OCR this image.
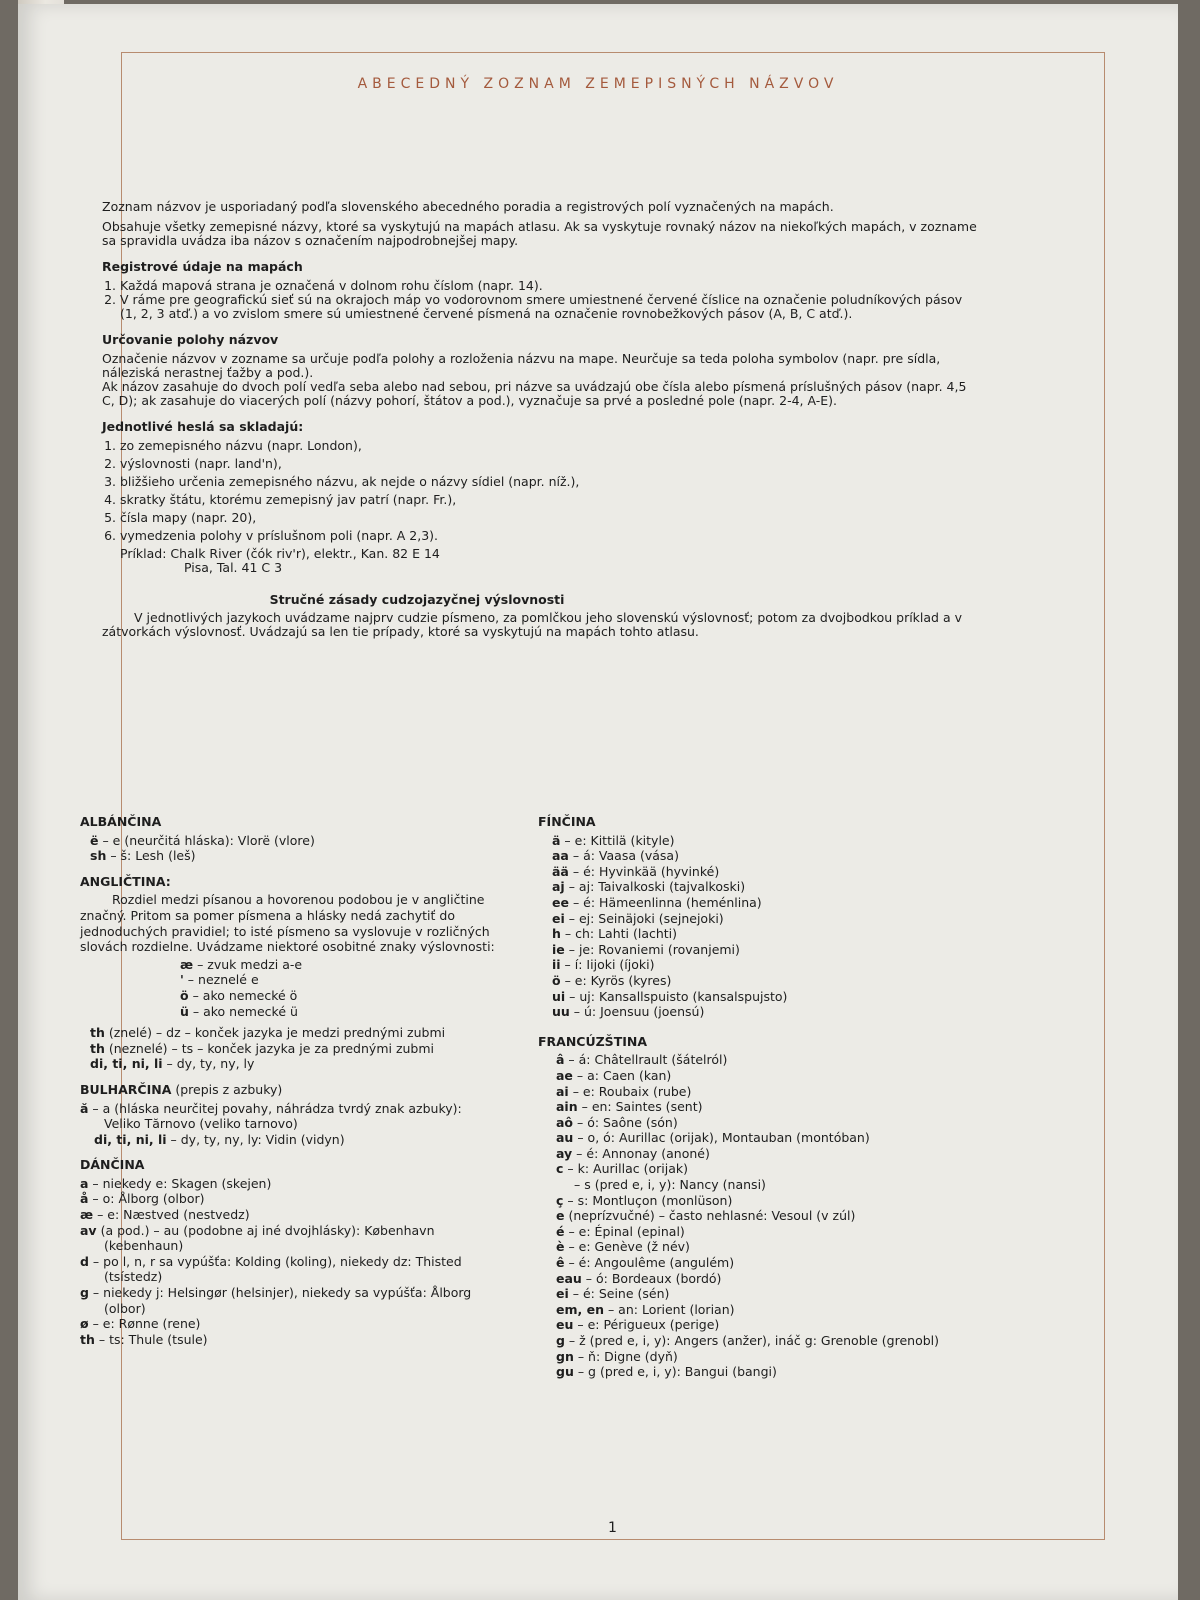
ABECEDNÝ ZOZNAM ZEMEPISNÝCH NÁZVOV

Zoznam názvov je usporiadaný podľa slovenského abecedného poradia a registrových polí vyznačených na mapách.

Obsahuje všetky zemepisné názvy, ktoré sa vyskytujú na mapách atlasu. Ak sa vyskytuje rovnaký názov na niekoľkých mapách, v zozname sa spravidla uvádza iba názov s označením najpodrobnejšej mapy.

Registrové údaje na mapách
1. Každá mapová strana je označená v dolnom rohu číslom (napr. 14).
2. V ráme pre geografickú sieť sú na okrajoch máp vo vodorovnom smere umiestnené červené číslice na označenie poludníkových pásov (1, 2, 3 atď.) a vo zvislom smere sú umiestnené červené písmená na označenie rovnobežkových pásov (A, B, C atď.).
Určovanie polohy názvov

Označenie názvov v zozname sa určuje podľa polohy a rozloženia názvu na mape. Neurčuje sa teda poloha symbolov (napr. pre sídla, náleziská nerastnej ťažby a pod.).

Ak názov zasahuje do dvoch polí vedľa seba alebo nad sebou, pri názve sa uvádzajú obe čísla alebo písmená príslušných pásov (napr. 4,5 C, D); ak zasahuje do viacerých polí (názvy pohorí, štátov a pod.), vyznačuje sa prvé a posledné pole (napr. 2-4, A-E).

Jednotlivé heslá sa skladajú:
1. zo zemepisného názvu (napr. London),
2. výslovnosti (napr. land'n),
3. bližšieho určenia zemepisného názvu, ak nejde o názvy sídiel (napr. níž.),
4. skratky štátu, ktorému zemepisný jav patrí (napr. Fr.),
5. čísla mapy (napr. 20),
6. vymedzenia polohy v príslušnom poli (napr. A 2,3).
Príklad: Chalk River (čók riv'r), elektr., Kan. 82 E 14
Pisa, Tal. 41 C 3
Stručné zásady cudzojazyčnej výslovnosti

V jednotlivých jazykoch uvádzame najprv cudzie písmeno, za pomlčkou jeho slovenskú výslovnosť; potom za dvojbodkou príklad a v zátvorkách výslovnosť. Uvádzajú sa len tie prípady, ktoré sa vyskytujú na mapách tohto atlasu.

ALBÁNČINA
ë – e (neurčitá hláska): Vlorë (vlore)
sh – š: Lesh (leš)
ANGLIČTINA:

Rozdiel medzi písanou a hovorenou podobou je v angličtine značný. Pritom sa pomer písmena a hlásky nedá zachytiť do jednoduchých pravidiel; to isté písmeno sa vyslovuje v rozličných slovách rozdielne. Uvádzame niektoré osobitné znaky výslovnosti:

æ – zvuk medzi a-e
' – neznelé e
ö – ako nemecké ö
ü – ako nemecké ü
th (znelé) – dz – konček jazyka je medzi prednými zubmi
th (neznelé) – ts – konček jazyka je za prednými zubmi
di, ti, ni, li – dy, ty, ny, ly
BULHARČINA (prepis z azbuky)
ă – a (hláska neurčitej povahy, náhrádza tvrdý znak azbuky): Veliko Tărnovo (veliko tarnovo)
di, ti, ni, li – dy, ty, ny, ly: Vidin (vidyn)
DÁNČINA
a – niekedy e: Skagen (skejen)
å – o: Ålborg (olbor)
æ – e: Næstved (nestvedz)
av (a pod.) – au (podobne aj iné dvojhlásky): København (kebenhaun)
d – po l, n, r sa vypúšťa: Kolding (koling), niekedy dz: Thisted (tsístedz)
g – niekedy j: Helsingør (helsinjer), niekedy sa vypúšťa: Ålborg (olbor)
ø – e: Rønne (rene)
th – ts: Thule (tsule)
FÍNČINA
ä – e: Kittilä (kityle)
aa – á: Vaasa (vása)
ää – é: Hyvinkää (hyvinké)
aj – aj: Taivalkoski (tajvalkoski)
ee – é: Hämeenlinna (heménlina)
ei – ej: Seinäjoki (sejnejoki)
h – ch: Lahti (lachti)
ie – je: Rovaniemi (rovanjemi)
ii – í: Iijoki (íjoki)
ö – e: Kyrös (kyres)
ui – uj: Kansallspuisto (kansalspujsto)
uu – ú: Joensuu (joensú)
FRANCÚZŠTINA
â – á: Châtellrault (šátelról)
ae – a: Caen (kan)
ai – e: Roubaix (rube)
ain – en: Saintes (sent)
aô – ó: Saône (són)
au – o, ó: Aurillac (orijak), Montauban (montóban)
ay – é: Annonay (anoné)
c – k: Aurillac (orijak)
– s (pred e, i, y): Nancy (nansi)
ç – s: Montluçon (monlüson)
e (neprízvučné) – často nehlasné: Vesoul (v zúl)
é – e: Épinal (epinal)
è – e: Genève (ž név)
ê – é: Angoulême (angulém)
eau – ó: Bordeaux (bordó)
ei – é: Seine (sén)
em, en – an: Lorient (lorian)
eu – e: Périgueux (perige)
g – ž (pred e, i, y): Angers (anžer), ináč g: Grenoble (grenobl)
gn – ň: Digne (dyň)
gu – g (pred e, i, y): Bangui (bangi)
1
